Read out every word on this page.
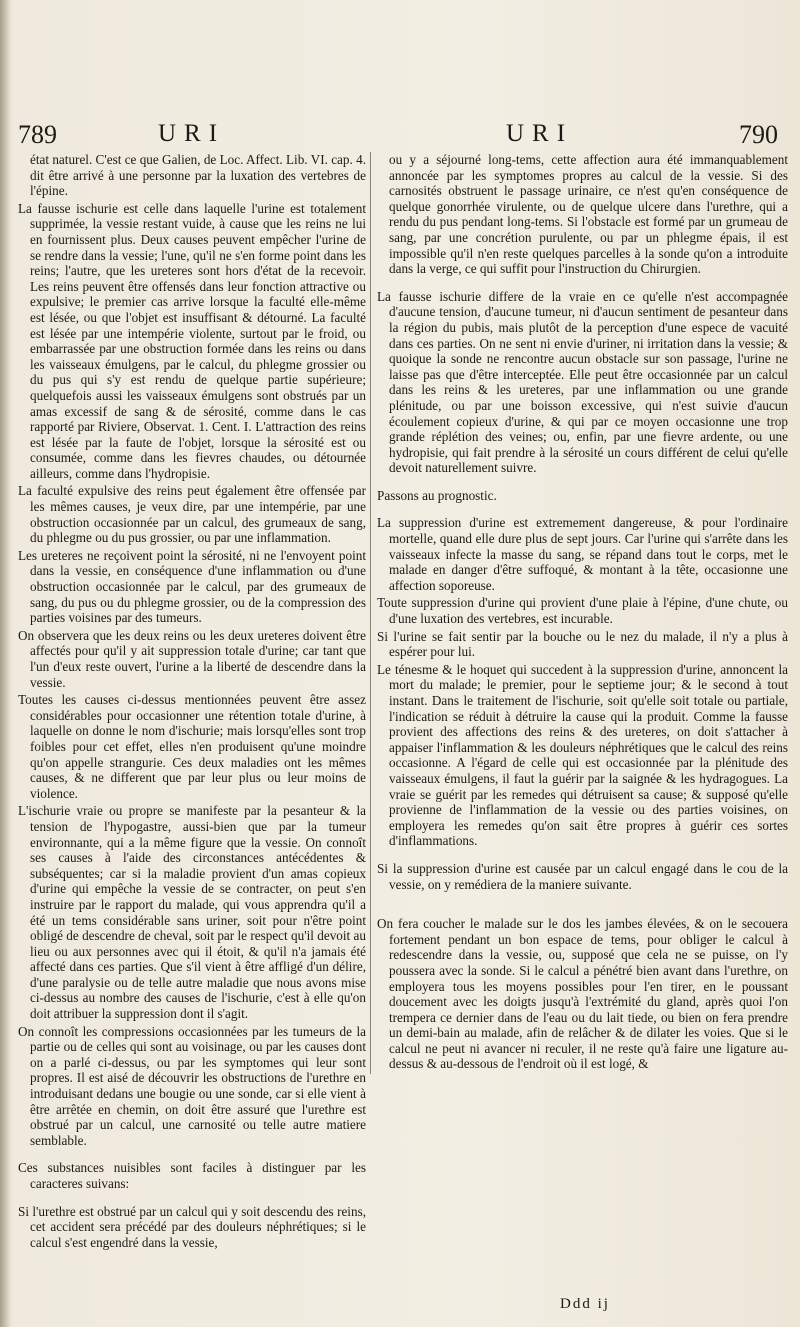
789	URI	URI	790

état naturel. C'est ce que Galien, de Loc. Affect. Lib. VI. cap. 4. dit être arrivé à une personne par la luxation des vertebres de l'épine.

La fausse ischurie est celle dans laquelle l'urine est totalement supprimée, la vessie restant vuide, à cause que les reins ne lui en fournissent plus. Deux causes peuvent empêcher l'urine de se rendre dans la vessie; l'une, qu'il ne s'en forme point dans les reins; l'autre, que les ureteres sont hors d'état de la recevoir. Les reins peuvent être offensés dans leur fonction attractive ou expulsive; le premier cas arrive lorsque la faculté elle-même est lésée, ou que l'objet est insuffisant & détourné. La faculté est lésée par une intempérie violente, surtout par le froid, ou embarrassée par une obstruction formée dans les reins ou dans les vaisseaux émulgens, par le calcul, du phlegme grossier ou du pus qui s'y est rendu de quelque partie supérieure; quelquefois aussi les vaisseaux émulgens sont obstrués par un amas excessif de sang & de sérosité, comme dans le cas rapporté par Riviere, Observat. 1. Cent. I. L'attraction des reins est lésée par la faute de l'objet, lorsque la sérosité est ou consumée, comme dans les fievres chaudes, ou détournée ailleurs, comme dans l'hydropisie.

La faculté expulsive des reins peut également être offensée par les mêmes causes, je veux dire, par une intempérie, par une obstruction occasionnée par un calcul, des grumeaux de sang, du phlegme ou du pus grossier, ou par une inflammation.

Les ureteres ne reçoivent point la sérosité, ni ne l'envoyent point dans la vessie, en conséquence d'une inflammation ou d'une obstruction occasionnée par le calcul, par des grumeaux de sang, du pus ou du phlegme grossier, ou de la compression des parties voisines par des tumeurs.

On observera que les deux reins ou les deux ureteres doivent être affectés pour qu'il y ait suppression totale d'urine; car tant que l'un d'eux reste ouvert, l'urine a la liberté de descendre dans la vessie.

Toutes les causes ci-dessus mentionnées peuvent être assez considérables pour occasionner une rétention totale d'urine, à laquelle on donne le nom d'ischurie; mais lorsqu'elles sont trop foibles pour cet effet, elles n'en produisent qu'une moindre qu'on appelle strangurie. Ces deux maladies ont les mêmes causes, & ne different que par leur plus ou leur moins de violence.

L'ischurie vraie ou propre se manifeste par la pesanteur & la tension de l'hypogastre, aussi-bien que par la tumeur environnante, qui a la même figure que la vessie. On connoît ses causes à l'aide des circonstances antécédentes & subséquentes; car si la maladie provient d'un amas copieux d'urine qui empêche la vessie de se contracter, on peut s'en instruire par le rapport du malade, qui vous apprendra qu'il a été un tems considérable sans uriner, soit pour n'être point obligé de descendre de cheval, soit par le respect qu'il devoit au lieu ou aux personnes avec qui il étoit, & qu'il n'a jamais été affecté dans ces parties. Que s'il vient à être affligé d'un délire, d'une paralysie ou de telle autre maladie que nous avons mise ci-dessus au nombre des causes de l'ischurie, c'est à elle qu'on doit attribuer la suppression dont il s'agit.

On connoît les compressions occasionnées par les tumeurs de la partie ou de celles qui sont au voisinage, ou par les causes dont on a parlé ci-dessus, ou par les symptomes qui leur sont propres. Il est aisé de découvrir les obstructions de l'urethre en introduisant dedans une bougie ou une sonde, car si elle vient à être arrêtée en chemin, on doit être assuré que l'urethre est obstrué par un calcul, une carnosité ou telle autre matiere semblable.

Ces substances nuisibles sont faciles à distinguer par les caracteres suivans:

Si l'urethre est obstrué par un calcul qui y soit descendu des reins, cet accident sera précédé par des douleurs néphrétiques; si le calcul s'est engendré dans la vessie,

ou y a séjourné long-tems, cette affection aura été immanquablement annoncée par les symptomes propres au calcul de la vessie. Si des carnosités obstruent le passage urinaire, ce n'est qu'en conséquence de quelque gonorrhée virulente, ou de quelque ulcere dans l'urethre, qui a rendu du pus pendant long-tems. Si l'obstacle est formé par un grumeau de sang, par une concrétion purulente, ou par un phlegme épais, il est impossible qu'il n'en reste quelques parcelles à la sonde qu'on a introduite dans la verge, ce qui suffit pour l'instruction du Chirurgien.

La fausse ischurie differe de la vraie en ce qu'elle n'est accompagnée d'aucune tension, d'aucune tumeur, ni d'aucun sentiment de pesanteur dans la région du pubis, mais plutôt de la perception d'une espece de vacuité dans ces parties. On ne sent ni envie d'uriner, ni irritation dans la vessie; & quoique la sonde ne rencontre aucun obstacle sur son passage, l'urine ne laisse pas que d'être interceptée. Elle peut être occasionnée par un calcul dans les reins & les ureteres, par une inflammation ou une grande plénitude, ou par une boisson excessive, qui n'est suivie d'aucun écoulement copieux d'urine, & qui par ce moyen occasionne une trop grande réplétion des veines; ou, enfin, par une fievre ardente, ou une hydropisie, qui fait prendre à la sérosité un cours différent de celui qu'elle devoit naturellement suivre.

Passons au prognostic.

La suppression d'urine est extremement dangereuse, & pour l'ordinaire mortelle, quand elle dure plus de sept jours. Car l'urine qui s'arrête dans les vaisseaux infecte la masse du sang, se répand dans tout le corps, met le malade en danger d'être suffoqué, & montant à la tête, occasionne une affection soporeuse.

Toute suppression d'urine qui provient d'une plaie à l'épine, d'une chute, ou d'une luxation des vertebres, est incurable.

Si l'urine se fait sentir par la bouche ou le nez du malade, il n'y a plus à espérer pour lui.

Le ténesme & le hoquet qui succedent à la suppression d'urine, annoncent la mort du malade; le premier, pour le septieme jour; & le second à tout instant. Dans le traitement de l'ischurie, soit qu'elle soit totale ou partiale, l'indication se réduit à détruire la cause qui la produit. Comme la fausse provient des affections des reins & des ureteres, on doit s'attacher à appaiser l'inflammation & les douleurs néphrétiques que le calcul des reins occasionne. A l'égard de celle qui est occasionnée par la plénitude des vaisseaux émulgens, il faut la guérir par la saignée & les hydragogues. La vraie se guérit par les remedes qui détruisent sa cause; & supposé qu'elle provienne de l'inflammation de la vessie ou des parties voisines, on employera les remedes qu'on sait être propres à guérir ces sortes d'inflammations.

Si la suppression d'urine est causée par un calcul engagé dans le cou de la vessie, on y remédiera de la maniere suivante.

On fera coucher le malade sur le dos les jambes élevées, & on le secouera fortement pendant un bon espace de tems, pour obliger le calcul à redescendre dans la vessie, ou, supposé que cela ne se puisse, on l'y poussera avec la sonde. Si le calcul a pénétré bien avant dans l'urethre, on employera tous les moyens possibles pour l'en tirer, en le poussant doucement avec les doigts jusqu'à l'extrémité du gland, après quoi l'on trempera ce dernier dans de l'eau ou du lait tiede, ou bien on fera prendre un demi-bain au malade, afin de relâcher & de dilater les voies. Que si le calcul ne peut ni avancer ni reculer, il ne reste qu'à faire une ligature au-dessus & au-dessous de l'endroit où il est logé, &

Ddd ij
